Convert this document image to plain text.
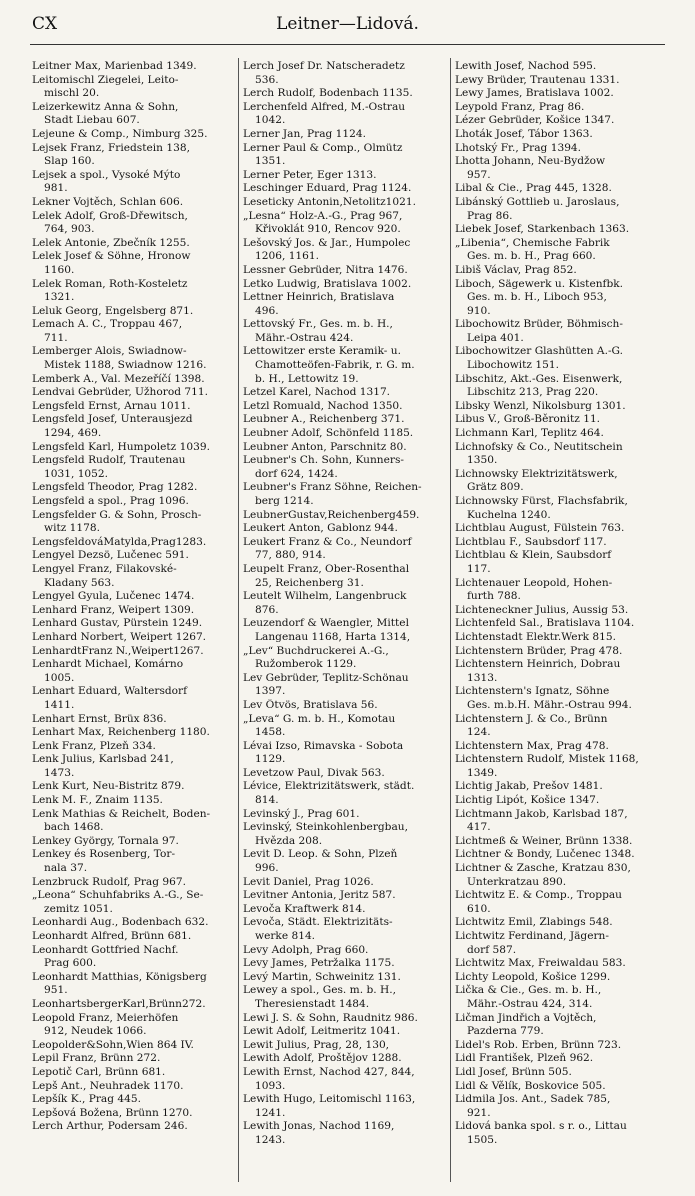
CX	Leitner—Lidová.
Leitner Max, Marienbad 1349.
Leitomischl Ziegelei, Leito-
mischl 20.
Leizerkewitz Anna & Sohn,
Stadt Liebau 607.
Lejeune & Comp., Nimburg 325.
Lejsek Franz, Friedstein 138,
Slap 160.
Lejsek a spol., Vysoké Mýto
981.
Lekner Vojtěch, Schlan 606.
Lelek Adolf, Groß-Dřewitsch,
764, 903.
Lelek Antonie, Zbečník 1255.
Lelek Josef & Söhne, Hronow
1160.
Lelek Roman, Roth-Kosteletz
1321.
Leluk Georg, Engelsberg 871.
Lemach A. C., Troppau 467,
711.
Lemberger Alois, Swiadnow-
Mistek 1188, Swiadnow 1216.
Lemberk A., Val. Mezeříčí 1398.
Lendvai Gebrüder, Užhorod 711.
Lengsfeld Ernst, Arnau 1011.
Lengsfeld Josef, Unterausjezd
1294, 469.
Lengsfeld Karl, Humpoletz 1039.
Lengsfeld Rudolf, Trautenau
1031, 1052.
Lengsfeld Theodor, Prag 1282.
Lengsfeld a spol., Prag 1096.
Lengsfelder G. & Sohn, Prosch-
witz 1178.
LengsfeldováMatylda,Prag1283.
Lengyel Dezsö, Lučenec 591.
Lengyel Franz, Filakovské-
Kladany 563.
Lengyel Gyula, Lučenec 1474.
Lenhard Franz, Weipert 1309.
Lenhard Gustav, Pürstein 1249.
Lenhard Norbert, Weipert 1267.
LenhardtFranz N.,Weipert1267.
Lenhardt Michael, Komárno
1005.
Lenhart Eduard, Waltersdorf
1411.
Lenhart Ernst, Brüx 836.
Lenhart Max, Reichenberg 1180.
Lenk Franz, Plzeň 334.
Lenk Julius, Karlsbad 241,
1473.
Lenk Kurt, Neu-Bistritz 879.
Lenk M. F., Znaim 1135.
Lenk Mathias & Reichelt, Boden-
bach 1468.
Lenkey György, Tornala 97.
Lenkey és Rosenberg, Tor-
nala 37.
Lenzbruck Rudolf, Prag 967.
„Leona“ Schuhfabriks A.-G., Se-
zemitz 1051.
Leonhardi Aug., Bodenbach 632.
Leonhardt Alfred, Brünn 681.
Leonhardt Gottfried Nachf.
Prag 600.
Leonhardt Matthias, Königsberg
951.
LeonhartsbergerKarl,Brünn272.
Leopold Franz, Meierhöfen
912, Neudek 1066.
Leopolder&Sohn,Wien 864 IV.
Lepil Franz, Brünn 272.
Lepotič Carl, Brünn 681.
Lepš Ant., Neuhradek 1170.
Lepšík K., Prag 445.
Lepšová Božena, Brünn 1270.
Lerch Arthur, Podersam 246.
Lerch Josef Dr. Natscheradetz
536.
Lerch Rudolf, Bodenbach 1135.
Lerchenfeld Alfred, M.-Ostrau
1042.
Lerner Jan, Prag 1124.
Lerner Paul & Comp., Olmütz
1351.
Lerner Peter, Eger 1313.
Leschinger Eduard, Prag 1124.
Leseticky Antonin,Netolitz1021.
„Lesna“ Holz-A.-G., Prag 967,
Křivoklát 910, Rencov 920.
Lešovský Jos. & Jar., Humpolec
1206, 1161.
Lessner Gebrüder, Nitra 1476.
Letko Ludwig, Bratislava 1002.
Lettner Heinrich, Bratislava
496.
Lettovský Fr., Ges. m. b. H.,
Mähr.-Ostrau 424.
Lettowitzer erste Keramik- u.
Chamotteöfen-Fabrik, r. G. m.
b. H., Lettowitz 19.
Letzel Karel, Nachod 1317.
Letzl Romuald, Nachod 1350.
Leubner A., Reichenberg 371.
Leubner Adolf, Schönfeld 1185.
Leubner Anton, Parschnitz 80.
Leubner's Ch. Sohn, Kunners-
dorf 624, 1424.
Leubner's Franz Söhne, Reichen-
berg 1214.
LeubnerGustav,Reichenberg459.
Leukert Anton, Gablonz 944.
Leukert Franz & Co., Neundorf
77, 880, 914.
Leupelt Franz, Ober-Rosenthal
25, Reichenberg 31.
Leutelt Wilhelm, Langenbruck
876.
Leuzendorf & Waengler, Mittel
Langenau 1168, Harta 1314,
„Lev“ Buchdruckerei A.-G.,
Ružomberok 1129.
Lev Gebrüder, Teplitz-Schönau
1397.
Lev Ötvös, Bratislava 56.
„Leva“ G. m. b. H., Komotau
1458.
Lévai Izso, Rimavska - Sobota
1129.
Levetzow Paul, Divak 563.
Lévice, Elektrizitätswerk, städt.
814.
Levinský J., Prag 601.
Levinský, Steinkohlenbergbau,
Hvězda 208.
Levit D. Leop. & Sohn, Plzeň
996.
Levit Daniel, Prag 1026.
Levitner Antonia, Jeritz 587.
Levoča Kraftwerk 814.
Levoča, Städt. Elektrizitäts-
werke 814.
Levy Adolph, Prag 660.
Levy James, Petržalka 1175.
Levý Martin, Schweinitz 131.
Lewey a spol., Ges. m. b. H.,
Theresienstadt 1484.
Lewi J. S. & Sohn, Raudnitz 986.
Lewit Adolf, Leitmeritz 1041.
Lewit Julius, Prag, 28, 130,
Lewith Adolf, Proštějov 1288.
Lewith Ernst, Nachod 427, 844,
1093.
Lewith Hugo, Leitomischl 1163,
1241.
Lewith Jonas, Nachod 1169,
1243.
Lewith Josef, Nachod 595.
Lewy Brüder, Trautenau 1331.
Lewy James, Bratislava 1002.
Leypold Franz, Prag 86.
Lézer Gebrüder, Košice 1347.
Lhoták Josef, Tábor 1363.
Lhotský Fr., Prag 1394.
Lhotta Johann, Neu-Bydžow
957.
Libal & Cie., Prag 445, 1328.
Libánský Gottlieb u. Jaroslaus,
Prag 86.
Liebek Josef, Starkenbach 1363.
„Libenia“, Chemische Fabrik
Ges. m. b. H., Prag 660.
Libiš Václav, Prag 852.
Liboch, Sägewerk u. Kistenfbk.
Ges. m. b. H., Liboch 953,
910.
Libochowitz Brüder, Böhmisch-
Leipa 401.
Libochowitzer Glashütten A.-G.
Libochowitz 151.
Libschitz, Akt.-Ges. Eisenwerk,
Libschitz 213, Prag 220.
Libsky Wenzl, Nikolsburg 1301.
Libus V., Groß-Běronitz 11.
Lichmann Karl, Teplitz 464.
Lichnofsky & Co., Neutitschein
1350.
Lichnowsky Elektrizitätswerk,
Grätz 809.
Lichnowsky Fürst, Flachsfabrik,
Kuchelna 1240.
Lichtblau August, Fülstein 763.
Lichtblau F., Saubsdorf 117.
Lichtblau & Klein, Saubsdorf
117.
Lichtenauer Leopold, Hohen-
furth 788.
Lichteneckner Julius, Aussig 53.
Lichtenfeld Sal., Bratislava 1104.
Lichtenstadt Elektr.Werk 815.
Lichtenstern Brüder, Prag 478.
Lichtenstern Heinrich, Dobrau
1313.
Lichtenstern's Ignatz, Söhne
Ges. m.b.H. Mähr.-Ostrau 994.
Lichtenstern J. & Co., Brünn
124.
Lichtenstern Max, Prag 478.
Lichtenstern Rudolf, Mistek 1168,
1349.
Lichtig Jakab, Prešov 1481.
Lichtig Lipót, Košice 1347.
Lichtmann Jakob, Karlsbad 187,
417.
Lichtmeß & Weiner, Brünn 1338.
Lichtner & Bondy, Lučenec 1348.
Lichtner & Zasche, Kratzau 830,
Unterkratzau 890.
Lichtwitz E. & Comp., Troppau
610.
Lichtwitz Emil, Zlabings 548.
Lichtwitz Ferdinand, Jägern-
dorf 587.
Lichtwitz Max, Freiwaldau 583.
Lichty Leopold, Košice 1299.
Lička & Cie., Ges. m. b. H.,
Mähr.-Ostrau 424, 314.
Ličman Jindřich a Vojtěch,
Pazderna 779.
Lidel's Rob. Erben, Brünn 723.
Lidl František, Plzeň 962.
Lidl Josef, Brünn 505.
Lidl & Vělík, Boskovice 505.
Lidmila Jos. Ant., Sadek 785,
921.
Lidová banka spol. s r. o., Littau
1505.
